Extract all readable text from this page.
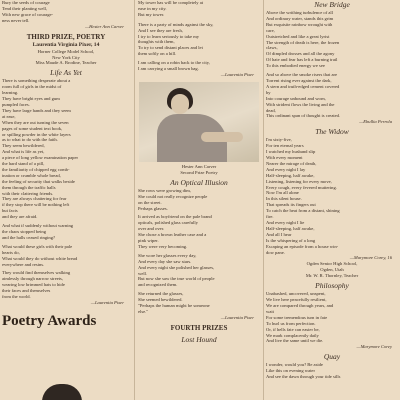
Bury the seeds of courage
Tend their planting well,
With new grace of courage-
ness never tell.
—Hester Ann Carver
THIRD PRIZE, POETRY
Laurentia Virginia Pixer, 14
Horner College Model School,
New York City
Miss Maude A. Brodine, Teacher
Life As Yet
There is something desperate about a
room full of girls in the midst of
learning.
They have bright eyes and gum
pumpled faces.
They have large hands and they seem
at ease,
When they are out turning the seven
pages of some student text book,
or spilling powder in the white layers
as to what to do with the faith.
They seem bewildered,
And what is life as yet,
a piece of long yellow examination paper
the hard stand of a pill,
the familiarity of chipped egg comb-
ination or crumble whole bread,
the feeling of security that walks beside
them through the traffic halls
with their clattering friends.
They are always chattering for fear
if they stop there will be nothing left
but facts
and they are afraid.

And what if suddenly without warning
the chaos stopped being
and the halls ceased ringing?

What would these girls with their pale
hearts do,
What would they do without white bread
everywhere and resins.

They would find themselves walking
aimlessly through narrow streets,
wearing low brimmed hats to hide
their faces and themselves
from the world.
—Laurentia Pixer
Poetry Awards
My tower has will be completely at
ease in my city.
But my tower.
There is a party of minds against the sky,
And I see they are fresh,
I try to learn seriously to take my
thoughts with them,
To try to send distant places and let
them softly on a hill.

I am calling on a robin back to the city,
I am carrying a small brown bag.
—Laurentia Pixer
Hester Ann Carver
Second Prize Poetry
An Optical Illusion
She rows were growing dim,
She could not really recognize people
on the street.
Perhaps glasses.

It arrived as boyfriend on the pale brand
opticals, polished glass carefully
over and over.
She chose a brown leather case and a
pink wiper.
They were very becoming.

She wore her glasses every day,
And every day she saw stars.
And every night she polished her glasses,
well.
But now she saw the true world of people
and recognized them.

She returned the glasses,
She seemed bewildered.
"Perhaps the human might be someone
else."
—Laurentia Pixer
FOURTH PRIZES
Lost Hound
New Bridge
Above the writhing turbulence of all
And ordinary water, stands this grim
But exquisite rainbow wrought with
care,
Outstretched and like a great lyrist
The strength of death is here, the frozen
claws,
Of dimpled drosses and all the agony
Of hate and fear has left a burning trail
To this embodied energy we see

And so above the smoke risers that are
Torrent rising ever against the dark,
A stern and truth-edged cement covered
by
Into courage unbound and worn,
With strident flows the living and the
dead,
This ordinant span of thought is created.
—Ebullia Perrola
The Widow
I'm sixty-five,
For ten eternal years
I watched my husband slip
With every moment
Nearer the mirage of death,
And every night I lay
Half-sleeping, half awake,
Listening, listening for every move,
Every cough, every fevered muttering.
Now I'm all alone
In this silent house.
That spreads its fingers out
To catch the heat from a distant, shining
fire.
And every night I lie
Half-sleeping, half awake,
And all I hear
Is the whispering of a long
Escaping an episode from a house win-
dow pane.
—Marymore Corey, 16
Ogden Senior High School,
Ogden, Utah
Mr. W. R. Thornley, Teacher
Philosophy
Unabashed, uncovered, unspent,
We live here peacefully resilient,
We are compared through years, and
wait
For some tremendous turn in fate
To hurl us from perfection.
Or, if hells fate can easier be,
We mark complacently daily
And live the same until we die.
—Marymore Corey
Quay
I wonder, would you? Be aside
Like this on evening water
And see the dawn through your tide sills
